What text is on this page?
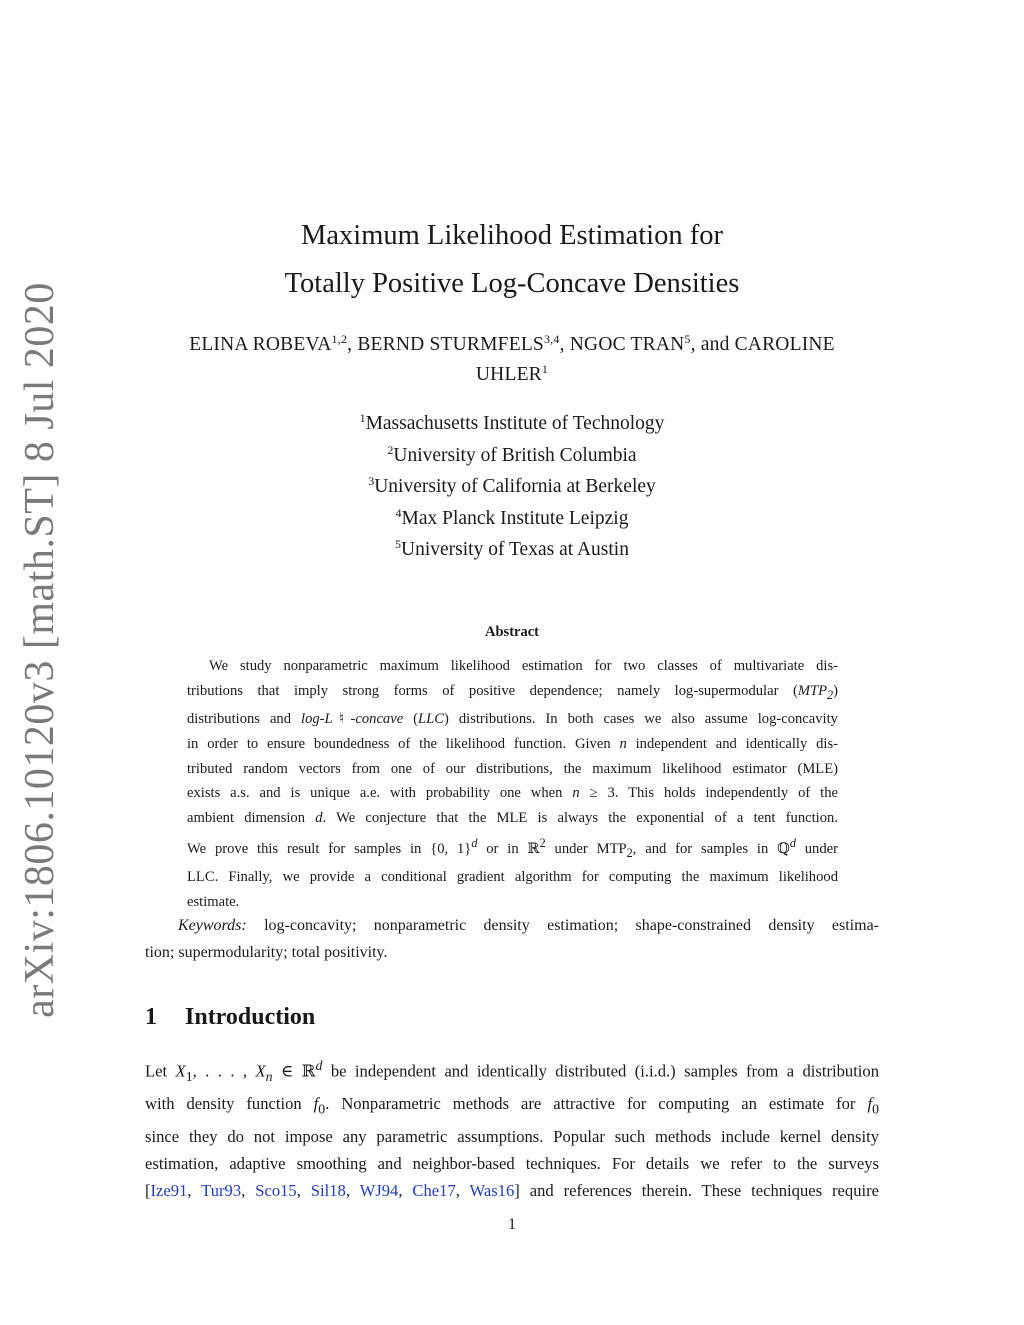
arXiv:1806.10120v3 [math.ST] 8 Jul 2020
Maximum Likelihood Estimation for
Totally Positive Log-Concave Densities
ELINA ROBEVA$^{1,2}$, BERND STURMFELS$^{3,4}$, NGOC TRAN$^5$, and CAROLINE
UHLER$^1$
$^1$Massachusetts Institute of Technology
$^2$University of British Columbia
$^3$University of California at Berkeley
$^4$Max Planck Institute Leipzig
$^5$University of Texas at Austin
Abstract
We study nonparametric maximum likelihood estimation for two classes of multivariate dis-
tributions that imply strong forms of positive dependence; namely log-supermodular $(MTP_2)$
distributions and log-L♮-concave (LLC) distributions. In both cases we also assume log-concavity
in order to ensure boundedness of the likelihood function. Given n independent and identically dis-
tributed random vectors from one of our distributions, the maximum likelihood estimator (MLE)
exists a.s. and is unique a.e. with probability one when n ≥ 3. This holds independently of the
ambient dimension d. We conjecture that the MLE is always the exponential of a tent function.
We prove this result for samples in {0, 1}$^d$ or in ℝ$^2$ under $MTP_2$, and for samples in ℚ$^d$ under
LLC. Finally, we provide a conditional gradient algorithm for computing the maximum likelihood
estimate.
Keywords: log-concavity; nonparametric density estimation; shape-constrained density estima-
tion; supermodularity; total positivity.
1 Introduction
Let $X_1$, . . . , $X_n$ ∈ ℝ$^d$ be independent and identically distributed (i.i.d.) samples from a distribution
with density function $f_0$. Nonparametric methods are attractive for computing an estimate for $f_0$
since they do not impose any parametric assumptions. Popular such methods include kernel density
estimation, adaptive smoothing and neighbor-based techniques. For details we refer to the surveys
[Ize91, Tur93, Sco15, Sil18, WJ94, Che17, Was16] and references therein. These techniques require
1
